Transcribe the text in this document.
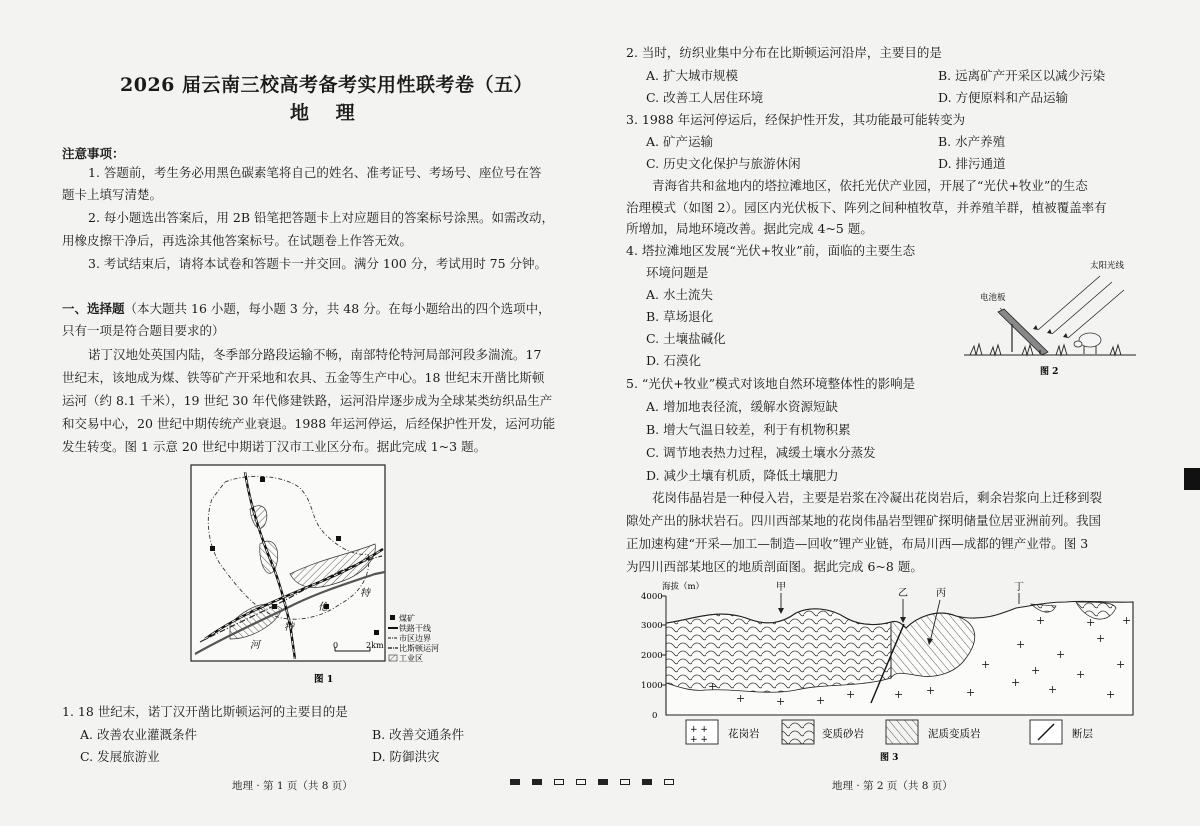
2026 届云南三校高考备考实用性联考卷（五）
地 理
注意事项：
1. 答题前，考生务必用黑色碳素笔将自己的姓名、准考证号、考场号、座位号在答
题卡上填写清楚。
2. 每小题选出答案后，用 2B 铅笔把答题卡上对应题目的答案标号涂黑。如需改动，
用橡皮擦干净后，再选涂其他答案标号。在试题卷上作答无效。
3. 考试结束后，请将本试卷和答题卡一并交回。满分 100 分，考试用时 75 分钟。
一、选择题（本大题共 16 小题，每小题 3 分，共 48 分。在每小题给出的四个选项中，
只有一项是符合题目要求的）
诺丁汉地处英国内陆，冬季部分路段运输不畅，南部特伦特河局部河段多湍流。17
世纪末，该地成为煤、铁等矿产开采地和农具、五金等生产中心。18 世纪末开凿比斯顿
运河（约 8.1 千米），19 世纪 30 年代修建铁路，运河沿岸逐步成为全球某类纺织品生产
和交易中心，20 世纪中期传统产业衰退。1988 年运河停运，后经保护性开发，运河功能
发生转变。图 1 示意 20 世纪中期诺丁汉市工业区分布。据此完成 1~3 题。
伦
特
河
特
0	2km
煤矿
铁路干线
市区边界
比斯顿运河
工业区
图 1
1. 18 世纪末，诺丁汉开凿比斯顿运河的主要目的是
A. 改善农业灌溉条件	B. 改善交通条件
C. 发展旅游业	D. 防御洪灾
地理 · 第 1 页（共 8 页）
2. 当时，纺织业集中分布在比斯顿运河沿岸，主要目的是
A. 扩大城市规模	B. 远离矿产开采区以减少污染
C. 改善工人居住环境	D. 方便原料和产品运输
3. 1988 年运河停运后，经保护性开发，其功能最可能转变为
A. 矿产运输	B. 水产养殖
C. 历史文化保护与旅游休闲	D. 排污通道
青海省共和盆地内的塔拉滩地区，依托光伏产业园，开展了“光伏+牧业”的生态
治理模式（如图 2）。园区内光伏板下、阵列之间种植牧草，并养殖羊群，植被覆盖率有
所增加，局地环境改善。据此完成 4~5 题。
4. 塔拉滩地区发展“光伏+牧业”前，面临的主要生态
环境问题是
A. 水土流失
B. 草场退化
C. 土壤盐碱化
D. 石漠化
太阳光线
电池板
图 2
5. “光伏+牧业”模式对该地自然环境整体性的影响是
A. 增加地表径流，缓解水资源短缺
B. 增大气温日较差，利于有机物积累
C. 调节地表热力过程，减缓土壤水分蒸发
D. 减少土壤有机质，降低土壤肥力
花岗伟晶岩是一种侵入岩，主要是岩浆在冷凝出花岗岩后，剩余岩浆向上迁移到裂
隙处产出的脉状岩石。四川西部某地的花岗伟晶岩型锂矿探明储量位居亚洲前列。我国
正加速构建“开采—加工—制造—回收”锂产业链，布局川西—成都的锂产业带。图 3
为四川西部某地区的地质剖面图。据此完成 6~8 题。
海拔（m）
4000
3000
2000
1000
0
+
+	+	+ +	+ +	+
+
+
+
+
+
+
+
+
+
+
+
+
+
甲
乙	丙
丁
+ +
+ + 花岗岩	变质砂岩	泥质变质岩	断层
图 3
地理 · 第 2 页（共 8 页）
